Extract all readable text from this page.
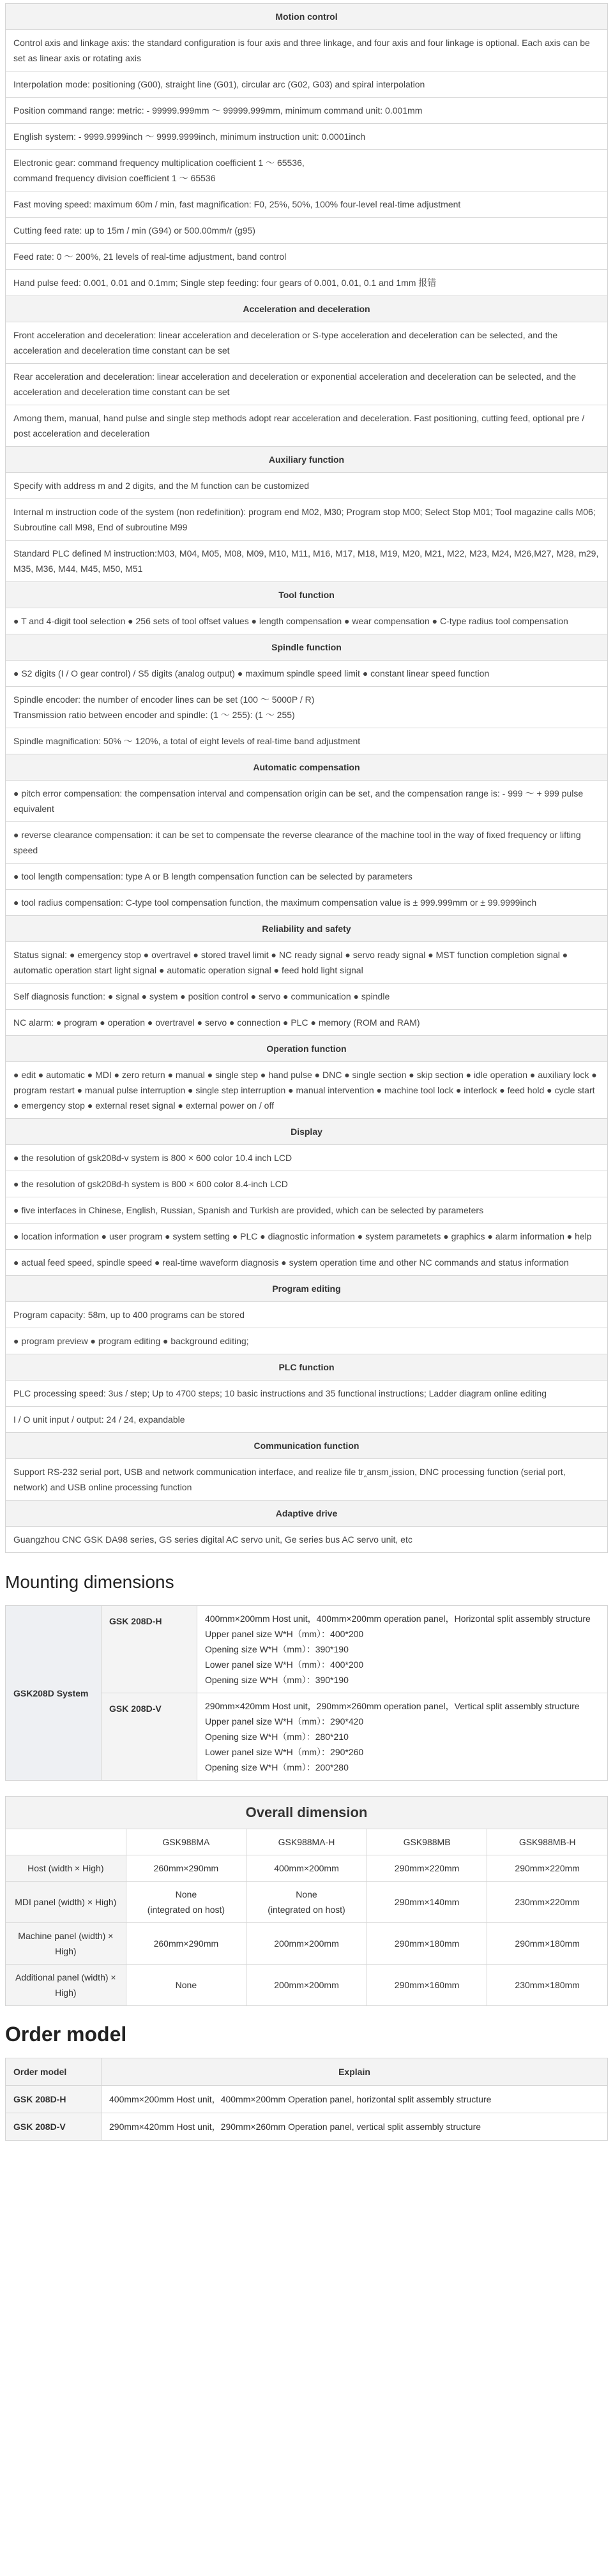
Motion control
Control axis and linkage axis: the standard configuration is four axis and three linkage, and four axis and four linkage is optional. Each axis can be set as linear axis or rotating axis
Interpolation mode: positioning (G00), straight line (G01), circular arc (G02, G03) and spiral interpolation
Position command range: metric: - 99999.999mm ～ 99999.999mm, minimum command unit: 0.001mm
English system: - 9999.9999inch ～ 9999.9999inch, minimum instruction unit: 0.0001inch
Electronic gear: command frequency multiplication coefficient 1 ～ 65536,
command frequency division coefficient 1 ～ 65536
Fast moving speed: maximum 60m / min, fast magnification: F0, 25%, 50%, 100% four-level real-time adjustment
Cutting feed rate: up to 15m / min (G94) or 500.00mm/r (g95)
Feed rate: 0 ～ 200%, 21 levels of real-time adjustment, band control
Hand pulse feed: 0.001, 0.01 and 0.1mm; Single step feeding: four gears of 0.001, 0.01, 0.1 and 1mm 报错
Acceleration and deceleration
Front acceleration and deceleration: linear acceleration and deceleration or S-type acceleration and deceleration can be selected, and the acceleration and deceleration time constant can be set
Rear acceleration and deceleration: linear acceleration and deceleration or exponential acceleration and deceleration can be selected, and the acceleration and deceleration time constant can be set
Among them, manual, hand pulse and single step methods adopt rear acceleration and deceleration. Fast positioning, cutting feed, optional pre / post acceleration and deceleration
Auxiliary function
Specify with address m and 2 digits, and the M function can be customized
Internal m instruction code of the system (non redefinition): program end M02, M30; Program stop M00; Select Stop M01; Tool magazine calls M06; Subroutine call M98, End of subroutine M99
Standard PLC defined M instruction:M03, M04, M05, M08, M09, M10, M11, M16, M17, M18, M19, M20, M21, M22, M23, M24, M26,M27, M28, m29, M35, M36, M44, M45, M50, M51
Tool function
● T and 4-digit tool selection ● 256 sets of tool offset values ● length compensation ● wear compensation ● C-type radius tool compensation
Spindle function
● S2 digits (I / O gear control) / S5 digits (analog output) ● maximum spindle speed limit ● constant linear speed function
Spindle encoder: the number of encoder lines can be set (100 ～ 5000P / R)
Transmission ratio between encoder and spindle: (1 ～ 255): (1 ～ 255)
Spindle magnification: 50% ～ 120%, a total of eight levels of real-time band adjustment
Automatic compensation
● pitch error compensation: the compensation interval and compensation origin can be set, and the compensation range is: - 999 ～ + 999 pulse equivalent
● reverse clearance compensation: it can be set to compensate the reverse clearance of the machine tool in the way of fixed frequency or lifting speed
● tool length compensation: type A or B length compensation function can be selected by parameters
● tool radius compensation: C-type tool compensation function, the maximum compensation value is ± 999.999mm or ± 99.9999inch
Reliability and safety
Status signal: ● emergency stop ● overtravel ● stored travel limit ● NC ready signal ● servo ready signal ● MST function completion signal ● automatic operation start light signal ● automatic operation signal ● feed hold light signal
Self diagnosis function: ● signal ● system ● position control ● servo ● communication ● spindle
NC alarm: ● program ● operation ● overtravel ● servo ● connection ● PLC ● memory (ROM and RAM)
Operation function
● edit ● automatic ● MDI ● zero return ● manual ● single step ● hand pulse ● DNC ● single section ● skip section ● idle operation ● auxiliary lock ● program restart ● manual pulse interruption ● single step interruption ● manual intervention ● machine tool lock ● interlock ● feed hold ● cycle start ● emergency stop ● external reset signal ● external power on / off
Display
● the resolution of gsk208d-v system is 800 × 600 color 10.4 inch LCD
● the resolution of gsk208d-h system is 800 × 600 color 8.4-inch LCD
● five interfaces in Chinese, English, Russian, Spanish and Turkish are provided, which can be selected by parameters
● location information ● user program ● system setting ● PLC ● diagnostic information ● system parametets ● graphics ● alarm information ● help
● actual feed speed, spindle speed ● real-time waveform diagnosis ● system operation time and other NC commands and status information
Program editing
Program capacity: 58m, up to 400 programs can be stored
● program preview ● program editing ● background editing;
PLC function
PLC processing speed: 3us / step; Up to 4700 steps; 10 basic instructions and 35 functional instructions; Ladder diagram online editing
I / O unit input / output: 24 / 24, expandable
Communication function
Support RS-232 serial port, USB and network communication interface, and realize file tr‸ansm‸ission, DNC processing function (serial port, network) and USB online processing function
Adaptive drive
Guangzhou CNC GSK DA98 series, GS series digital AC servo unit, Ge series bus AC servo unit, etc
Mounting dimensions
GSK208D System	GSK 208D-H	400mm×200mm Host unit，400mm×200mm operation panel，Horizontal split assembly structure
Upper panel size W*H（mm）：400*200
Opening size W*H（mm）：390*190
Lower panel size W*H（mm）：400*200
Opening size W*H（mm）：390*190

	GSK 208D-V	290mm×420mm Host unit，290mm×260mm operation panel，Vertical split assembly structure
Upper panel size W*H（mm）：290*420
Opening size W*H（mm）：280*210
Lower panel size W*H（mm）：290*260
Opening size W*H（mm）：200*280
Overall dimension				
	GSK988MA	GSK988MA-H	GSK988MB	GSK988MB-H
Host (width × High)	260mm×290mm	400mm×200mm	290mm×220mm	290mm×220mm
MDI panel (width) × High)	None
(integrated on host)	None
(integrated on host)	290mm×140mm	230mm×220mm
Machine panel (width) × High)	260mm×290mm	200mm×200mm	290mm×180mm	290mm×180mm
Additional panel (width) × High)	None	200mm×200mm	290mm×160mm	230mm×180mm
Order model
Order model	Explain
GSK 208D-H	400mm×200mm Host unit，400mm×200mm Operation panel, horizontal split assembly structure
GSK 208D-V	290mm×420mm Host unit，290mm×260mm Operation panel, vertical split assembly structure
